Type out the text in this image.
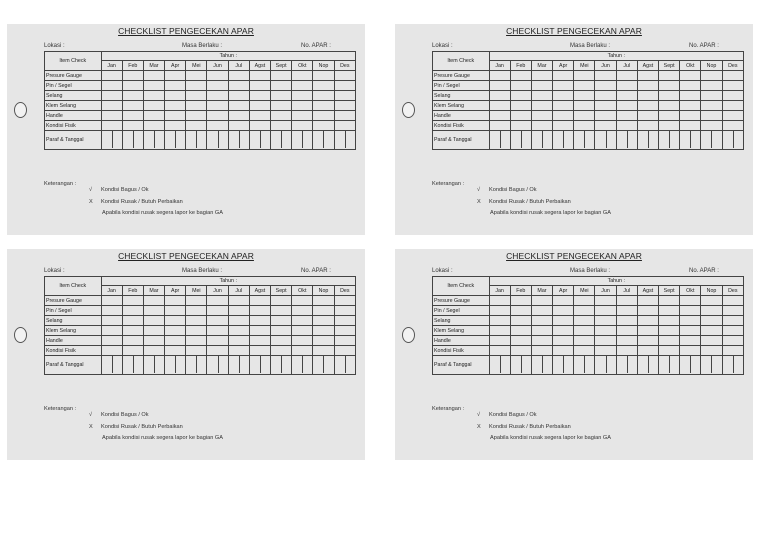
CHECKLIST PENGECEKAN APAR
Lokasi :	Masa Berlaku :	No. APAR :
Item Check	Tahun :											
	Jan	Feb	Mar	Apr	Mei	Jun	Jul	Agst	Sept	Okt	Nop	Des
Presure Gauge												
Pin / Segel												
Selang												
Klem Selang												
Handle												
Kondisi Fisik												
Paraf & Tanggal												
Keterangan :
√ Kondisi Bagus / Ok
X Kondisi Rusak / Butuh Perbaikan
Apabila kondisi rusak segera lapor ke bagian GA
CHECKLIST PENGECEKAN APAR
Lokasi :	Masa Berlaku :	No. APAR :
Item Check	Tahun :											
	Jan	Feb	Mar	Apr	Mei	Jun	Jul	Agst	Sept	Okt	Nop	Des
Presure Gauge												
Pin / Segel												
Selang												
Klem Selang												
Handle												
Kondisi Fisik												
Paraf & Tanggal												
Keterangan :
√ Kondisi Bagus / Ok
X Kondisi Rusak / Butuh Perbaikan
Apabila kondisi rusak segera lapor ke bagian GA
CHECKLIST PENGECEKAN APAR
Lokasi :	Masa Berlaku :	No. APAR :
Item Check	Tahun :											
	Jan	Feb	Mar	Apr	Mei	Jun	Jul	Agst	Sept	Okt	Nop	Des
Presure Gauge												
Pin / Segel												
Selang												
Klem Selang												
Handle												
Kondisi Fisik												
Paraf & Tanggal												
Keterangan :
√ Kondisi Bagus / Ok
X Kondisi Rusak / Butuh Perbaikan
Apabila kondisi rusak segera lapor ke bagian GA
CHECKLIST PENGECEKAN APAR
Lokasi :	Masa Berlaku :	No. APAR :
Item Check	Tahun :											
	Jan	Feb	Mar	Apr	Mei	Jun	Jul	Agst	Sept	Okt	Nop	Des
Presure Gauge												
Pin / Segel												
Selang												
Klem Selang												
Handle												
Kondisi Fisik												
Paraf & Tanggal												
Keterangan :
√ Kondisi Bagus / Ok
X Kondisi Rusak / Butuh Perbaikan
Apabila kondisi rusak segera lapor ke bagian GA
